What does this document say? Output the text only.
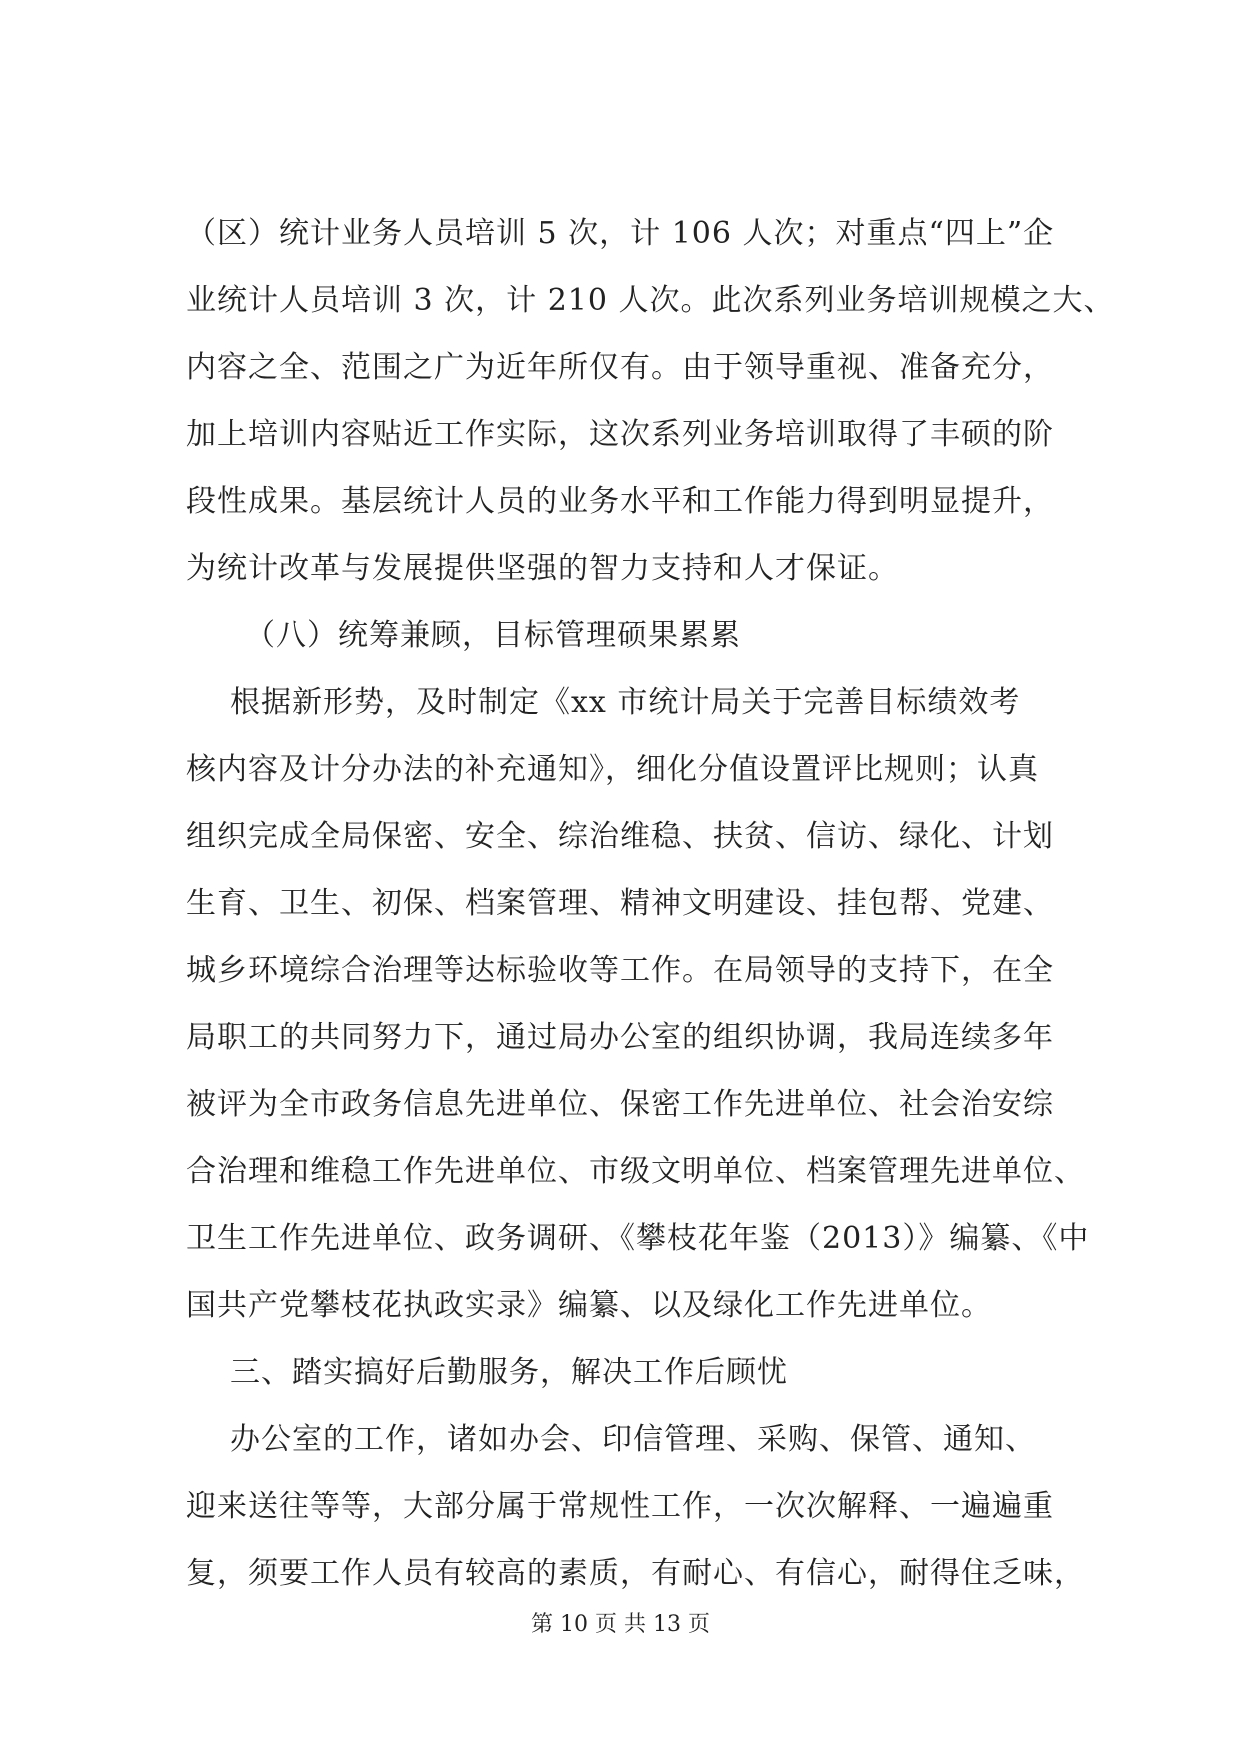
（区）统计业务人员培训 5 次，计 106 人次；对重点“四上”企
业统计人员培训 3 次，计 210 人次。此次系列业务培训规模之大、
内容之全、范围之广为近年所仅有。由于领导重视、准备充分，
加上培训内容贴近工作实际，这次系列业务培训取得了丰硕的阶
段性成果。基层统计人员的业务水平和工作能力得到明显提升，
为统计改革与发展提供坚强的智力支持和人才保证。
（八）统筹兼顾，目标管理硕果累累
根据新形势，及时制定《xx 市统计局关于完善目标绩效考
核内容及计分办法的补充通知》，细化分值设置评比规则；认真
组织完成全局保密、安全、综治维稳、扶贫、信访、绿化、计划
生育、卫生、初保、档案管理、精神文明建设、挂包帮、党建、
城乡环境综合治理等达标验收等工作。在局领导的支持下，在全
局职工的共同努力下，通过局办公室的组织协调，我局连续多年
被评为全市政务信息先进单位、保密工作先进单位、社会治安综
合治理和维稳工作先进单位、市级文明单位、档案管理先进单位、
卫生工作先进单位、政务调研、《攀枝花年鉴（2013）》编纂、《中
国共产党攀枝花执政实录》编纂、以及绿化工作先进单位。
三、踏实搞好后勤服务，解决工作后顾忧
办公室的工作，诸如办会、印信管理、采购、保管、通知、
迎来送往等等，大部分属于常规性工作，一次次解释、一遍遍重
复，须要工作人员有较高的素质，有耐心、有信心，耐得住乏味，
第 10 页 共 13 页
